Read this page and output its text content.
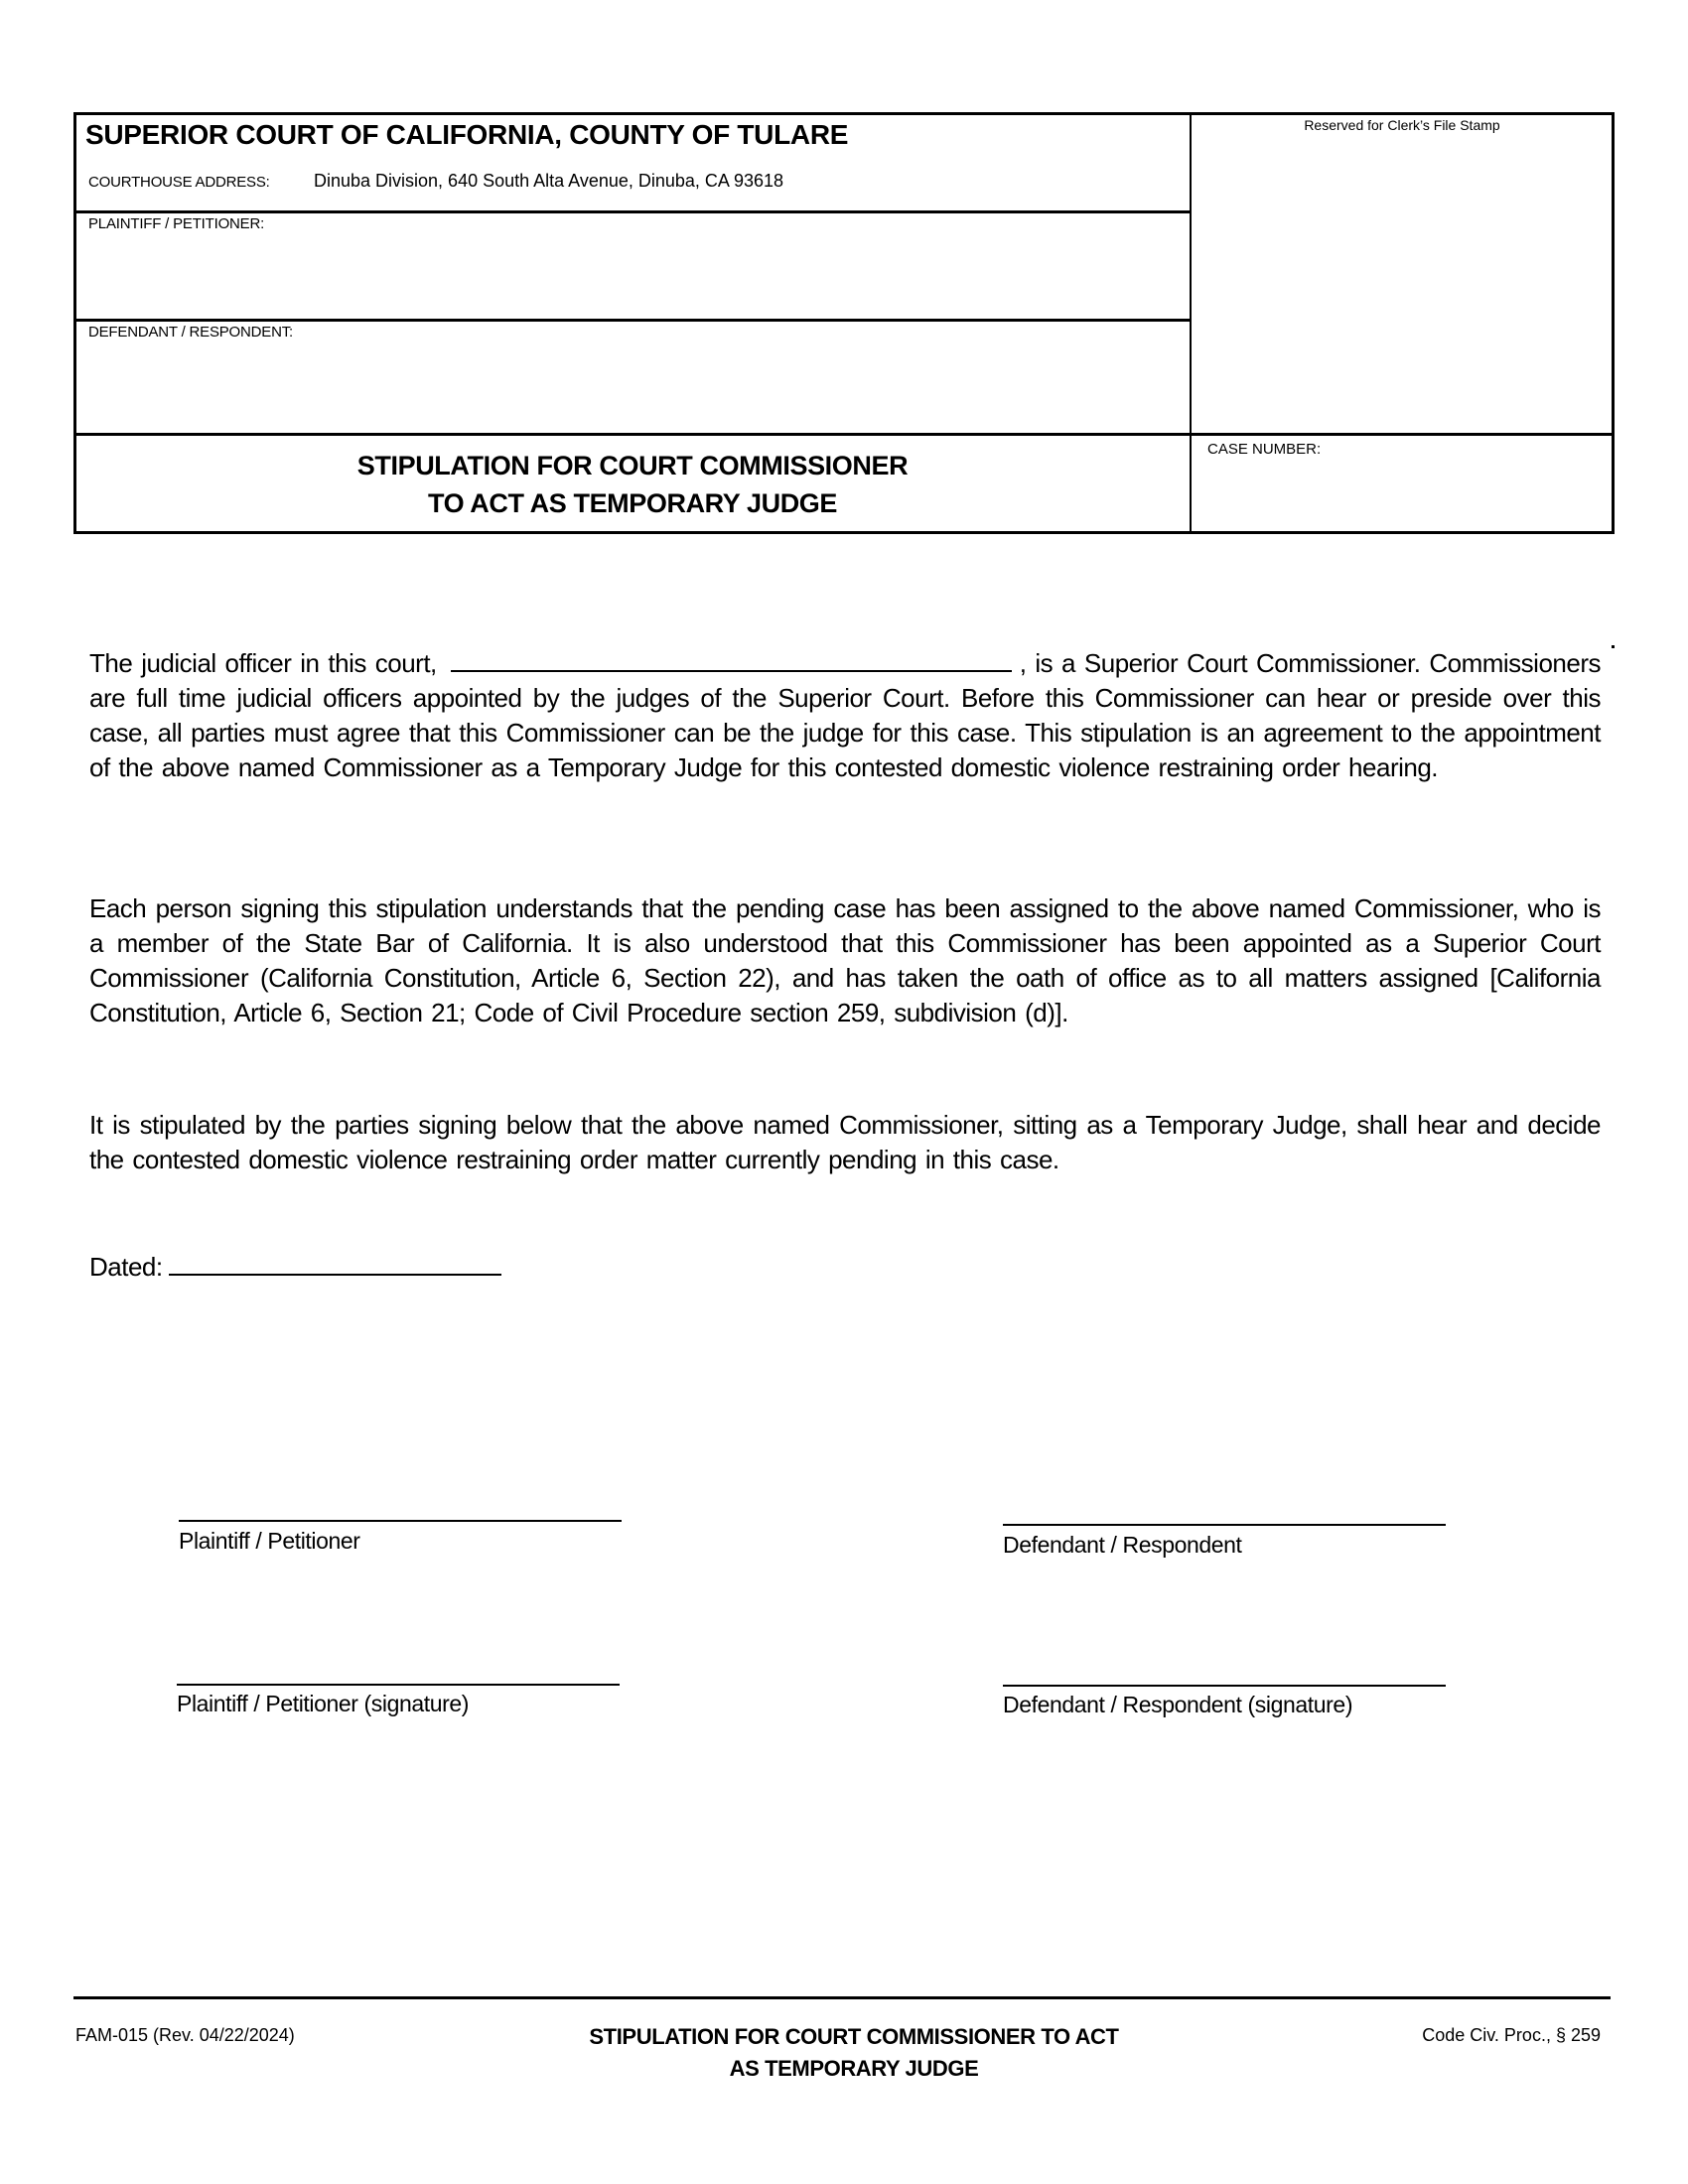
SUPERIOR COURT OF CALIFORNIA, COUNTY OF TULARE
COURTHOUSE ADDRESS: Dinuba Division, 640 South Alta Avenue, Dinuba, CA 93618
PLAINTIFF / PETITIONER:
DEFENDANT / RESPONDENT:
Reserved for Clerk’s File Stamp
CASE NUMBER:
STIPULATION FOR COURT COMMISSIONER
TO ACT AS TEMPORARY JUDGE
The judicial officer in this court,	, is a Superior Court Commissioner. Commissioners are full time judicial officers appointed by the judges of the Superior Court. Before this Commissioner can hear or preside over this case, all parties must agree that this Commissioner can be the judge for this case. This stipulation is an agreement to the appointment of the above named Commissioner as a Temporary Judge for this contested domestic violence restraining order hearing.
Each person signing this stipulation understands that the pending case has been assigned to the above named Commissioner, who is a member of the State Bar of California. It is also understood that this Commissioner has been appointed as a Superior Court Commissioner (California Constitution, Article 6, Section 22), and has taken the oath of office as to all matters assigned [California Constitution, Article 6, Section 21; Code of Civil Procedure section 259, subdivision (d)].
It is stipulated by the parties signing below that the above named Commissioner, sitting as a Temporary Judge, shall hear and decide the contested domestic violence restraining order matter currently pending in this case.
Dated:
Plaintiff / Petitioner	Defendant / Respondent
Plaintiff / Petitioner (signature)	Defendant / Respondent (signature)
FAM-015 (Rev. 04/22/2024)	STIPULATION FOR COURT COMMISSIONER TO ACT
AS TEMPORARY JUDGE
Code Civ. Proc., § 259
